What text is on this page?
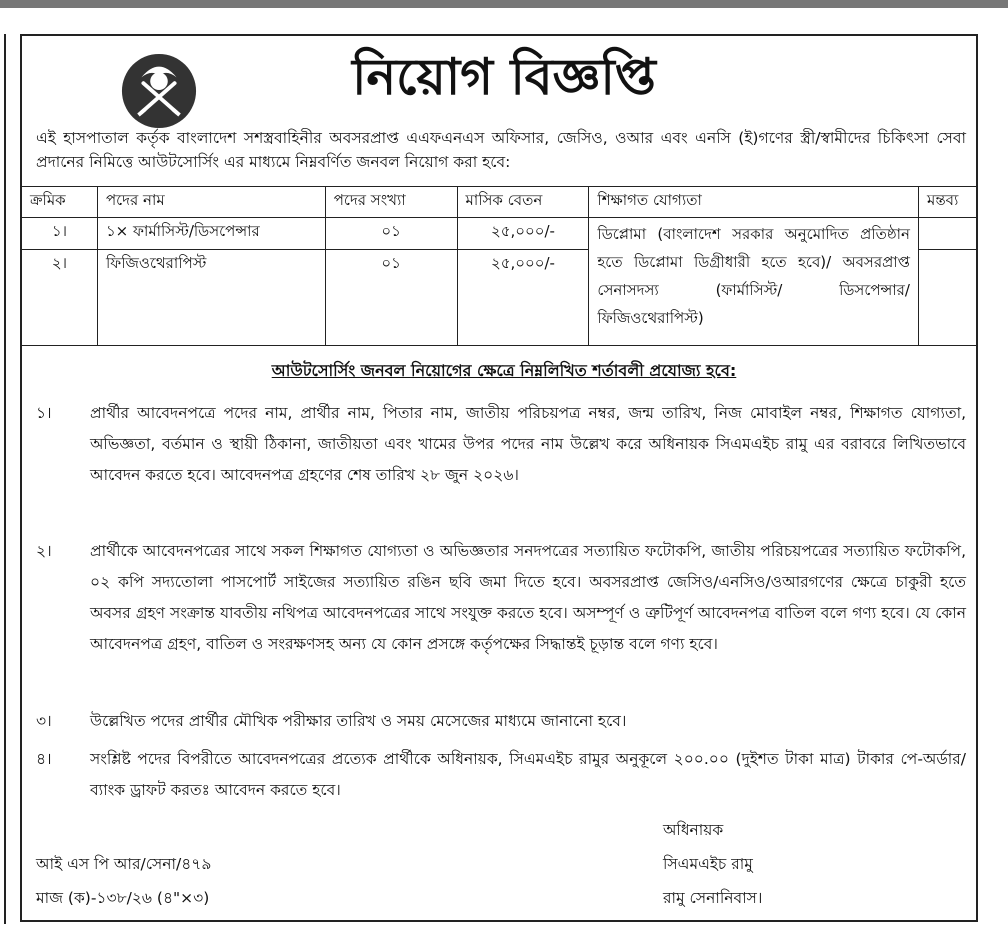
নিয়োগ বিজ্ঞপ্তি
এই হাসপাতাল কর্তৃক বাংলাদেশ সশস্ত্রবাহিনীর অবসরপ্রাপ্ত এএফএনএস অফিসার, জেসিও, ওআর এবং এনসি (ই)গণের স্ত্রী/স্বামীদের চিকিৎসা সেবা প্রদানের নিমিত্তে আউটসোর্সিং এর মাধ্যমে নিম্নবর্ণিত জনবল নিয়োগ করা হবে:
ক্রমিক	পদের নাম	পদের সংখ্যা	মাসিক বেতন	শিক্ষাগত যোগ্যতা	মন্তব্য
১।	১× ফার্মাসিস্ট/ডিসপেন্সার	০১	২৫,০০০/-	ডিপ্লোমা (বাংলাদেশ সরকার অনুমোদিত প্রতিষ্ঠান হতে ডিপ্লোমা ডিগ্রীধারী হতে হবে)/ অবসরপ্রাপ্ত সেনাসদস্য (ফার্মাসিস্ট/ ডিসপেন্সার/ ফিজিওথেরাপিস্ট)	
২।	ফিজিওথেরাপিস্ট	০১	২৫,০০০/-		
আউটসোর্সিং জনবল নিয়োগের ক্ষেত্রে নিম্নলিখিত শর্তাবলী প্রযোজ্য হবে:
১।	প্রার্থীর আবেদনপত্রে পদের নাম, প্রার্থীর নাম, পিতার নাম, জাতীয় পরিচয়পত্র নম্বর, জন্ম তারিখ, নিজ মোবাইল নম্বর, শিক্ষাগত যোগ্যতা, অভিজ্ঞতা, বর্তমান ও স্থায়ী ঠিকানা, জাতীয়তা এবং খামের উপর পদের নাম উল্লেখ করে অধিনায়ক সিএমএইচ রামু এর বরাবরে লিখিতভাবে আবেদন করতে হবে। আবেদনপত্র গ্রহণের শেষ তারিখ ২৮ জুন ২০২৬।
২।	প্রার্থীকে আবেদনপত্রের সাথে সকল শিক্ষাগত যোগ্যতা ও অভিজ্ঞতার সনদপত্রের সত্যায়িত ফটোকপি, জাতীয় পরিচয়পত্রের সত্যায়িত ফটোকপি, ০২ কপি সদ্যতোলা পাসপোর্ট সাইজের সত্যায়িত রঙিন ছবি জমা দিতে হবে। অবসরপ্রাপ্ত জেসিও/এনসিও/ওআরগণের ক্ষেত্রে চাকুরী হতে অবসর গ্রহণ সংক্রান্ত যাবতীয় নথিপত্র আবেদনপত্রের সাথে সংযুক্ত করতে হবে। অসম্পূর্ণ ও ত্রুটিপূর্ণ আবেদনপত্র বাতিল বলে গণ্য হবে। যে কোন আবেদনপত্র গ্রহণ, বাতিল ও সংরক্ষণসহ অন্য যে কোন প্রসঙ্গে কর্তৃপক্ষের সিদ্ধান্তই চূড়ান্ত বলে গণ্য হবে।
৩।	উল্লেখিত পদের প্রার্থীর মৌখিক পরীক্ষার তারিখ ও সময় মেসেজের মাধ্যমে জানানো হবে।
৪।	সংশ্লিষ্ট পদের বিপরীতে আবেদনপত্রের প্রত্যেক প্রার্থীকে অধিনায়ক, সিএমএইচ রামুর অনুকূলে ২০০.০০ (দুইশত টাকা মাত্র) টাকার পে-অর্ডার/ব্যাংক ড্রাফট করতঃ আবেদন করতে হবে।
অধিনায়ক
সিএমএইচ রামু
রামু সেনানিবাস।
আই এস পি আর/সেনা/৪৭৯
মাজ (ক)-১৩৮/২৬ (৪"×৩)
